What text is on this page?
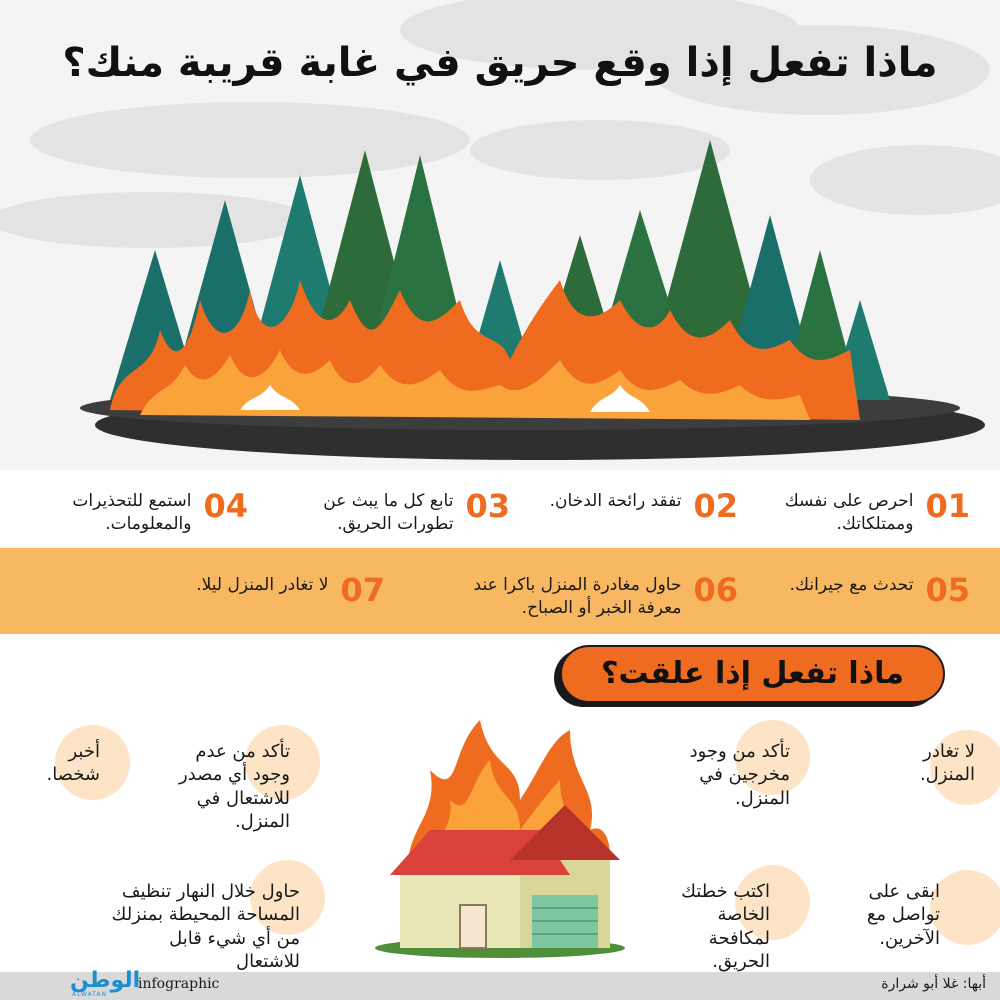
ماذا تفعل إذا وقع حريق في غابة قريبة منك؟
01
احرص على نفسك وممتلكاتك.
02
تفقد رائحة الدخان.
03
تابع كل ما يبث عن تطورات الحريق.
04
استمع للتحذيرات والمعلومات.
05
تحدث مع جيرانك.
06
حاول مغادرة المنزل باكرا عند معرفة الخبر أو الصباح.
07
لا تغادر المنزل ليلا.
ماذا تفعل إذا علقت؟
لا تغادر المنزل.
تأكد من وجود مخرجين في المنزل.
تأكد من عدم وجود أي مصدر للاشتعال في المنزل.
أخبر شخصا.
ابقى على تواصل مع الآخرين.
اكتب خطتك الخاصة لمكافحة الحريق.
حاول خلال النهار تنظيف المساحة المحيطة بمنزلك من أي شيء قابل للاشتعال
الوطن
ALWATAN
infographic	أبها: غلا أبو شرارة
